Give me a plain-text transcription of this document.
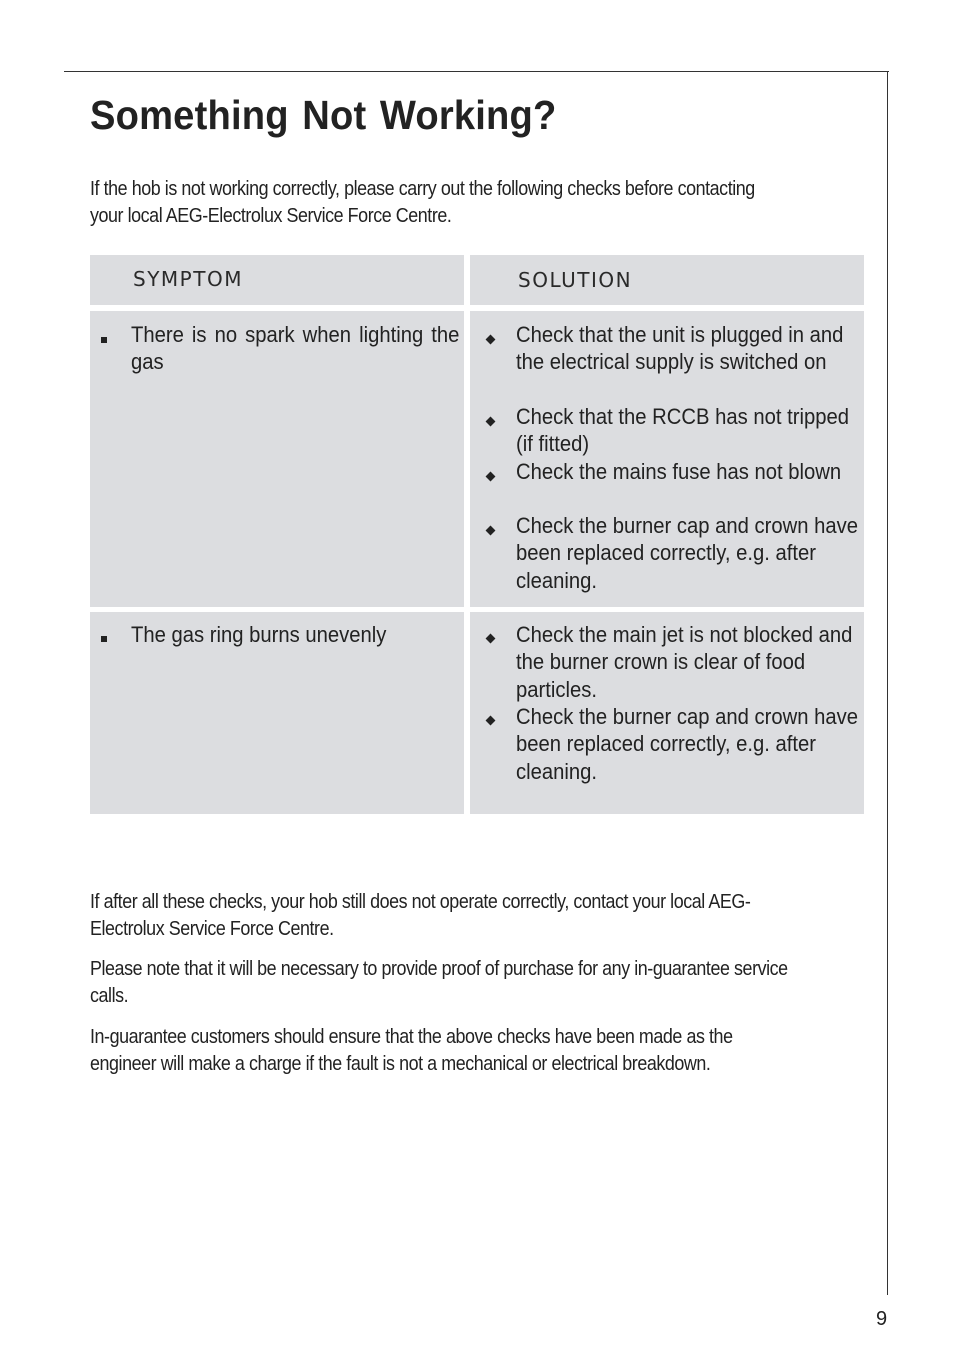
Something Not Working?

If the hob is not working correctly, please carry out the following checks before contacting your local AEG-Electrolux Service Force Centre.

SYMPTOM	SOLUTION
There is no spark when lighting the gas
Check that the unit is plugged in and the electrical supply is switched on
Check that the RCCB has not tripped (if fitted)
Check the mains fuse has not blown
Check the burner cap and crown have been replaced correctly, e.g. after cleaning.
The gas ring burns unevenly	Check the main jet is not blocked and the burner crown is clear of food particles.
Check the burner cap and crown have been replaced correctly, e.g. after cleaning.

If after all these checks, your hob still does not operate correctly, contact your local AEG-Electrolux Service Force Centre.

Please note that it will be necessary to provide proof of purchase for any in-guarantee service calls.

In-guarantee customers should ensure that the above checks have been made as the engineer will make a charge if the fault is not a mechanical or electrical breakdown.

9
